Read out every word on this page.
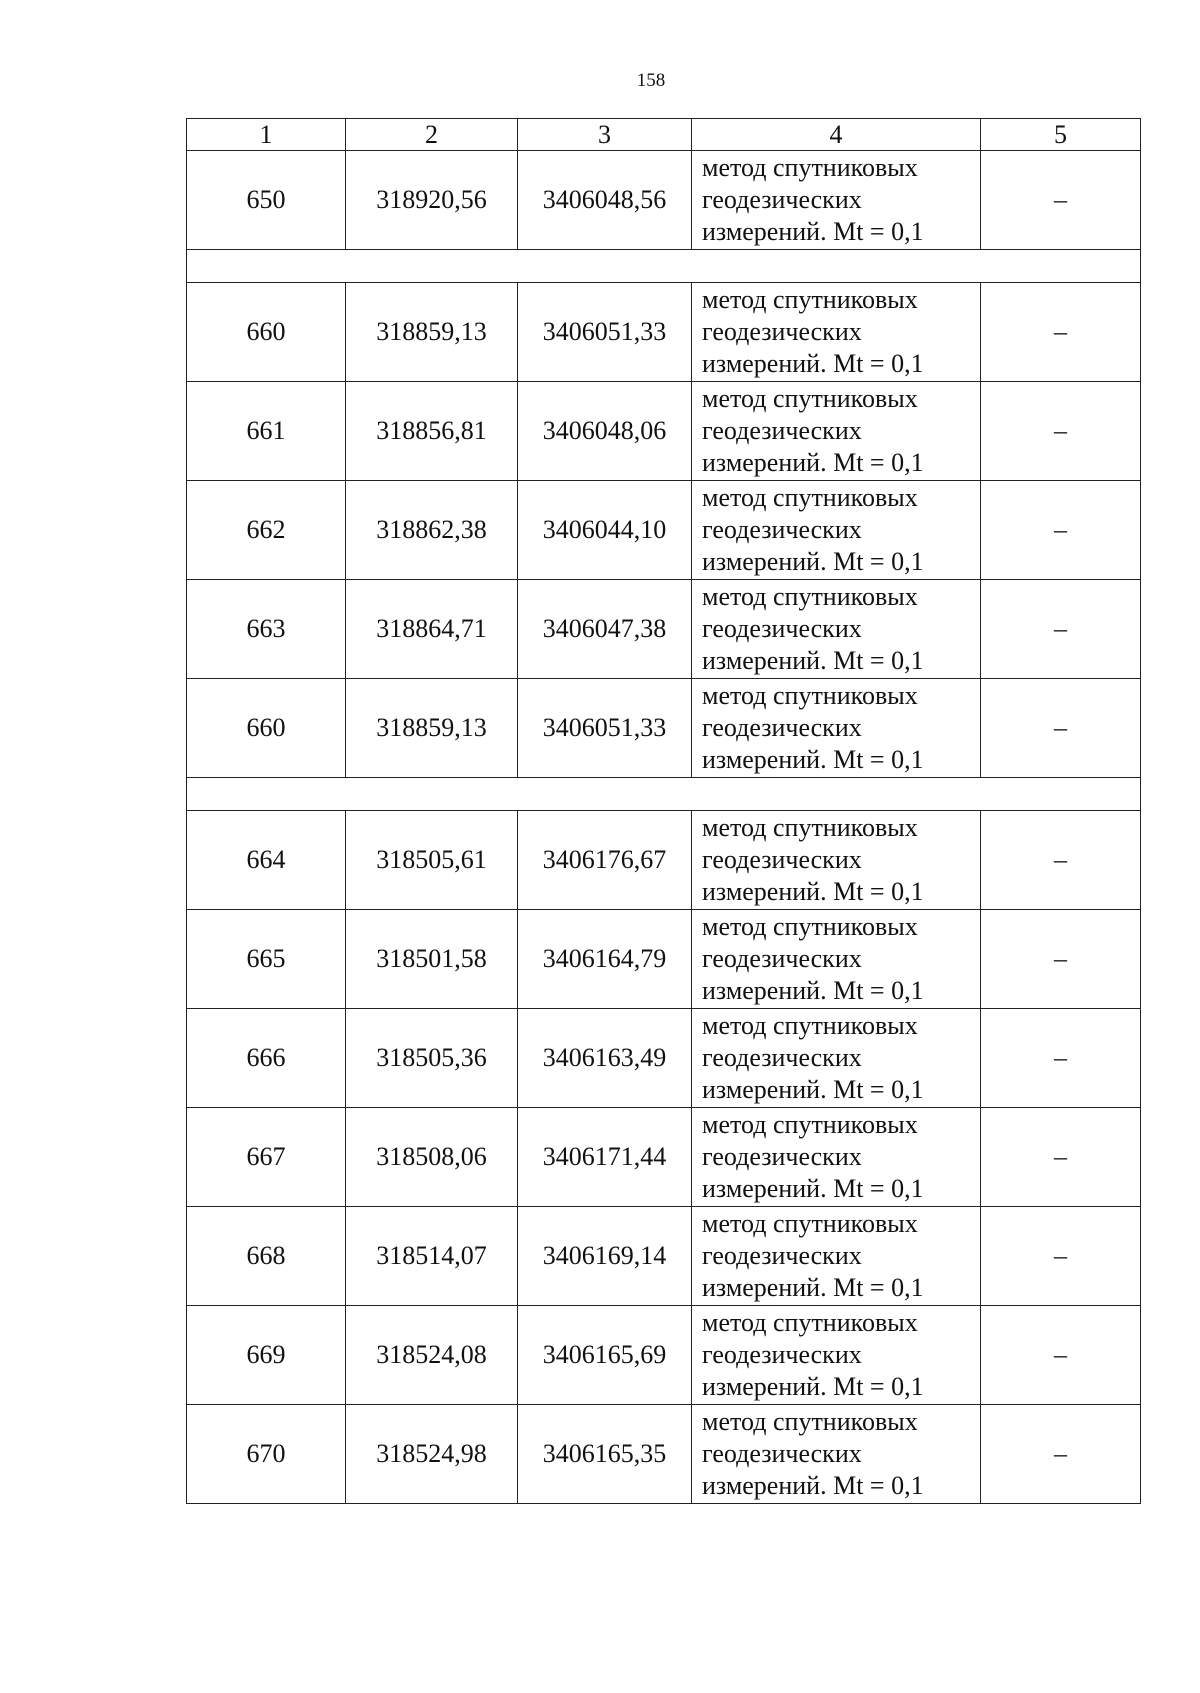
158
1	2	3	4	5
650	318920,56	3406048,56	метод спутниковых
геодезических
измерений. Mt = 0,1	–

660	318859,13	3406051,33	метод спутниковых
геодезических
измерений. Mt = 0,1	–
661	318856,81	3406048,06	метод спутниковых
геодезических
измерений. Mt = 0,1	–
662	318862,38	3406044,10	метод спутниковых
геодезических
измерений. Mt = 0,1	–
663	318864,71	3406047,38	метод спутниковых
геодезических
измерений. Mt = 0,1	–
660	318859,13	3406051,33	метод спутниковых
геодезических
измерений. Mt = 0,1	–

664	318505,61	3406176,67	метод спутниковых
геодезических
измерений. Mt = 0,1	–
665	318501,58	3406164,79	метод спутниковых
геодезических
измерений. Mt = 0,1	–
666	318505,36	3406163,49	метод спутниковых
геодезических
измерений. Mt = 0,1	–
667	318508,06	3406171,44	метод спутниковых
геодезических
измерений. Mt = 0,1	–
668	318514,07	3406169,14	метод спутниковых
геодезических
измерений. Mt = 0,1	–
669	318524,08	3406165,69	метод спутниковых
геодезических
измерений. Mt = 0,1	–
670	318524,98	3406165,35	метод спутниковых
геодезических
измерений. Mt = 0,1	–
